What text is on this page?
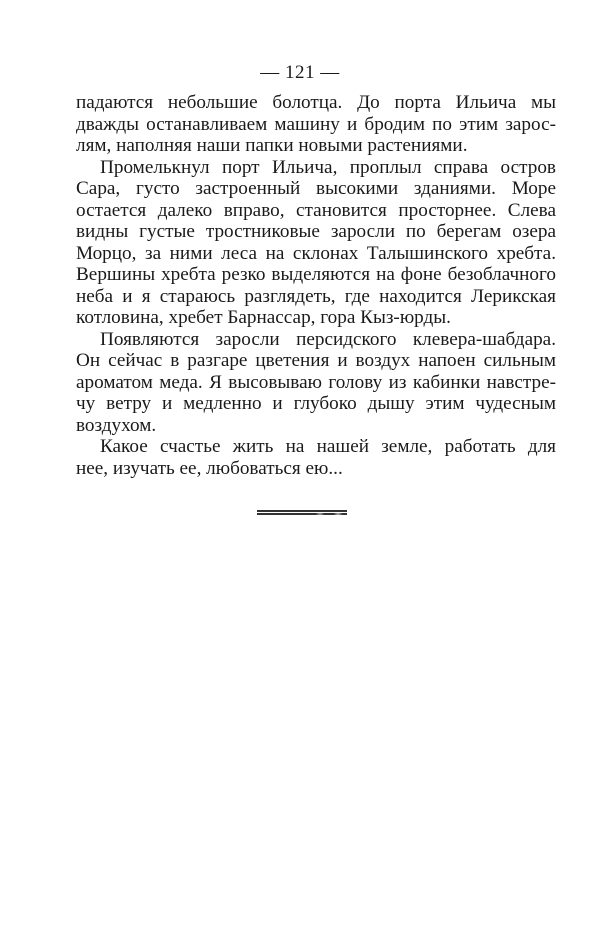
— 121 —
падаются небольшие болотца. До порта Ильича мы
дважды останавливаем машину и бродим по этим зарос-
лям, наполняя наши папки новыми растениями.
Промелькнул порт Ильича, проплыл справа остров
Сара, густо застроенный высокими зданиями. Море
остается далеко вправо, становится просторнее. Слева
видны густые тростниковые заросли по берегам озера
Морцо, за ними леса на склонах Талышинского хребта.
Вершины хребта резко выделяются на фоне безоблачного
неба и я стараюсь разглядеть, где находится Лерикская
котловина, хребет Барнассар, гора Кыз-юрды.
Появляются заросли персидского клевера-шабдара.
Он сейчас в разгаре цветения и воздух напоен сильным
ароматом меда. Я высовываю голову из кабинки навстре-
чу ветру и медленно и глубоко дышу этим чудесным
воздухом.
Какое счастье жить на нашей земле, работать для
нее, изучать ее, любоваться ею...
